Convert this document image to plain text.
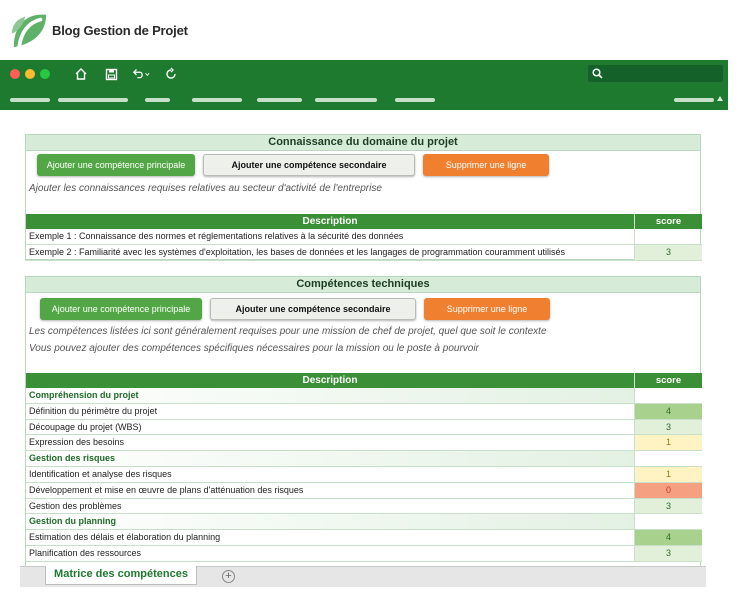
Blog Gestion de Projet
Connaissance du domaine du projet
Ajouter une compétence principale	Ajouter une compétence secondaire	Supprimer une ligne
Ajouter les connaissances requises relatives au secteur d'activité de l'entreprise
Description	score
Exemple 1 : Connaissance des normes et réglementations relatives à la sécurité des données
Exemple 2 : Familiarité avec les systèmes d'exploitation, les bases de données et les langages de programmation couramment utilisés	3
Compétences techniques
Ajouter une compétence principale	Ajouter une compétence secondaire	Supprimer une ligne
Les compétences listées ici sont généralement requises pour une mission de chef de projet, quel que soit le contexte
Vous pouvez ajouter des compétences spécifiques nécessaires pour la mission ou le poste à pourvoir
Description	score
Compréhension du projet
Définition du périmètre du projet	4
Découpage du projet (WBS)	3
Expression des besoins	1
Gestion des risques
Identification et analyse des risques	1
Développement et mise en œuvre de plans d'atténuation des risques	0
Gestion des problèmes	3
Gestion du planning
Estimation des délais et élaboration du planning	4
Planification des ressources	3
Matrice des compétences	+
